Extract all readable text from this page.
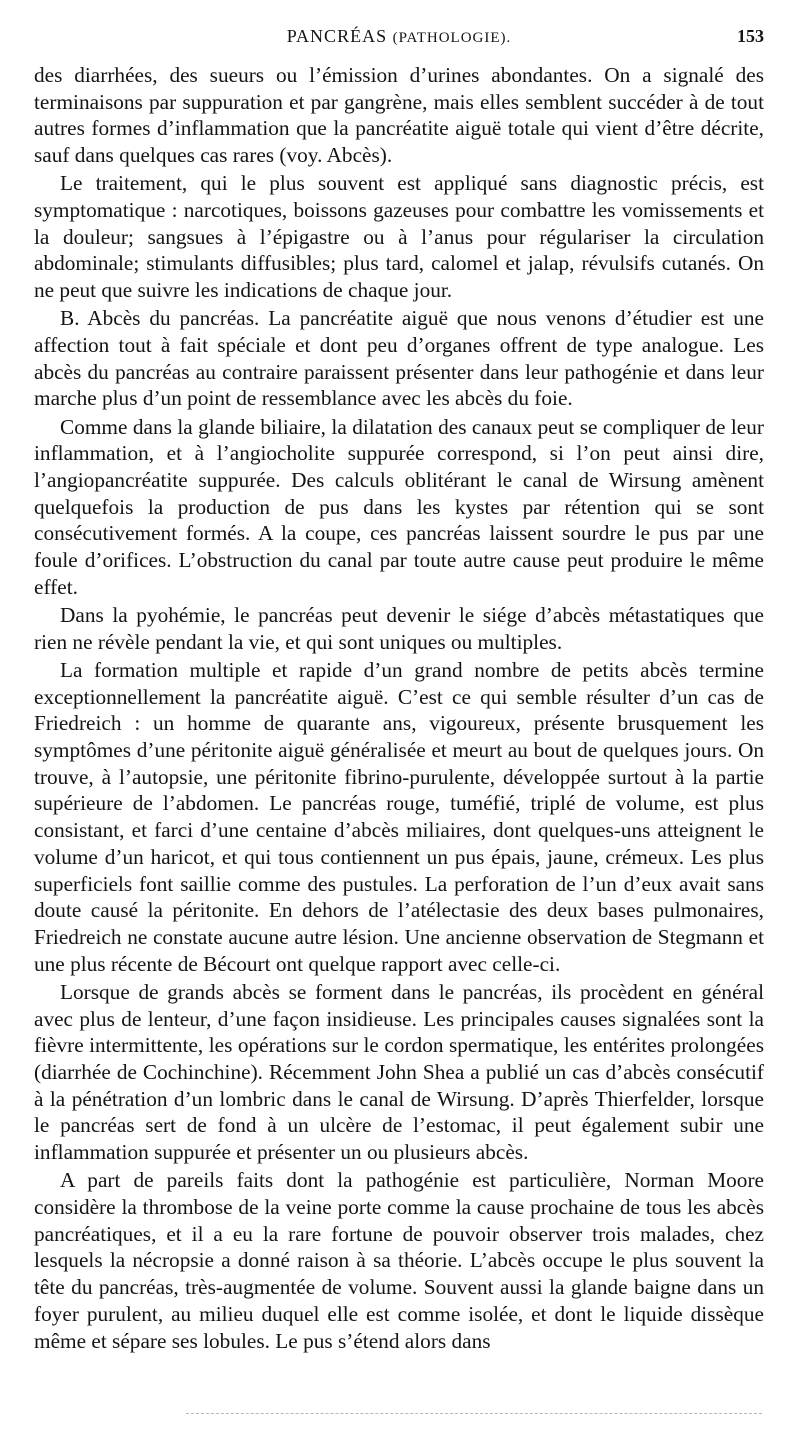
PANCRÉAS (PATHOLOGIE).	153

des diarrhées, des sueurs ou l’émission d’urines abondantes. On a signalé des terminaisons par suppuration et par gangrène, mais elles semblent succéder à de tout autres formes d’inflammation que la pancréatite aiguë totale qui vient d’être décrite, sauf dans quelques cas rares (voy. Abcès).

Le traitement, qui le plus souvent est appliqué sans diagnostic précis, est symptomatique : narcotiques, boissons gazeuses pour combattre les vomissements et la douleur; sangsues à l’épigastre ou à l’anus pour régulariser la circulation abdominale; stimulants diffusibles; plus tard, calomel et jalap, révulsifs cutanés. On ne peut que suivre les indications de chaque jour.

B. Abcès du pancréas. La pancréatite aiguë que nous venons d’étudier est une affection tout à fait spéciale et dont peu d’organes offrent de type analogue. Les abcès du pancréas au contraire paraissent présenter dans leur pathogénie et dans leur marche plus d’un point de ressemblance avec les abcès du foie.

Comme dans la glande biliaire, la dilatation des canaux peut se compliquer de leur inflammation, et à l’angiocholite suppurée correspond, si l’on peut ainsi dire, l’angiopancréatite suppurée. Des calculs oblitérant le canal de Wirsung amènent quelquefois la production de pus dans les kystes par rétention qui se sont consécutivement formés. A la coupe, ces pancréas laissent sourdre le pus par une foule d’orifices. L’obstruction du canal par toute autre cause peut produire le même effet.

Dans la pyohémie, le pancréas peut devenir le siége d’abcès métastatiques que rien ne révèle pendant la vie, et qui sont uniques ou multiples.

La formation multiple et rapide d’un grand nombre de petits abcès termine exceptionnellement la pancréatite aiguë. C’est ce qui semble résulter d’un cas de Friedreich : un homme de quarante ans, vigoureux, présente brusquement les symptômes d’une péritonite aiguë généralisée et meurt au bout de quelques jours. On trouve, à l’autopsie, une péritonite fibrino-purulente, développée surtout à la partie supérieure de l’abdomen. Le pancréas rouge, tuméfié, triplé de volume, est plus consistant, et farci d’une centaine d’abcès miliaires, dont quelques-uns atteignent le volume d’un haricot, et qui tous contiennent un pus épais, jaune, crémeux. Les plus superficiels font saillie comme des pustules. La perforation de l’un d’eux avait sans doute causé la péritonite. En dehors de l’atélectasie des deux bases pulmonaires, Friedreich ne constate aucune autre lésion. Une ancienne observation de Stegmann et une plus récente de Bécourt ont quelque rapport avec celle-ci.

Lorsque de grands abcès se forment dans le pancréas, ils procèdent en général avec plus de lenteur, d’une façon insidieuse. Les principales causes signalées sont la fièvre intermittente, les opérations sur le cordon spermatique, les entérites prolongées (diarrhée de Cochinchine). Récemment John Shea a publié un cas d’abcès consécutif à la pénétration d’un lombric dans le canal de Wirsung. D’après Thierfelder, lorsque le pancréas sert de fond à un ulcère de l’estomac, il peut également subir une inflammation suppurée et présenter un ou plusieurs abcès.

A part de pareils faits dont la pathogénie est particulière, Norman Moore considère la thrombose de la veine porte comme la cause prochaine de tous les abcès pancréatiques, et il a eu la rare fortune de pouvoir observer trois malades, chez lesquels la nécropsie a donné raison à sa théorie. L’abcès occupe le plus souvent la tête du pancréas, très-augmentée de volume. Souvent aussi la glande baigne dans un foyer purulent, au milieu duquel elle est comme isolée, et dont le liquide dissèque même et sépare ses lobules. Le pus s’étend alors dans
